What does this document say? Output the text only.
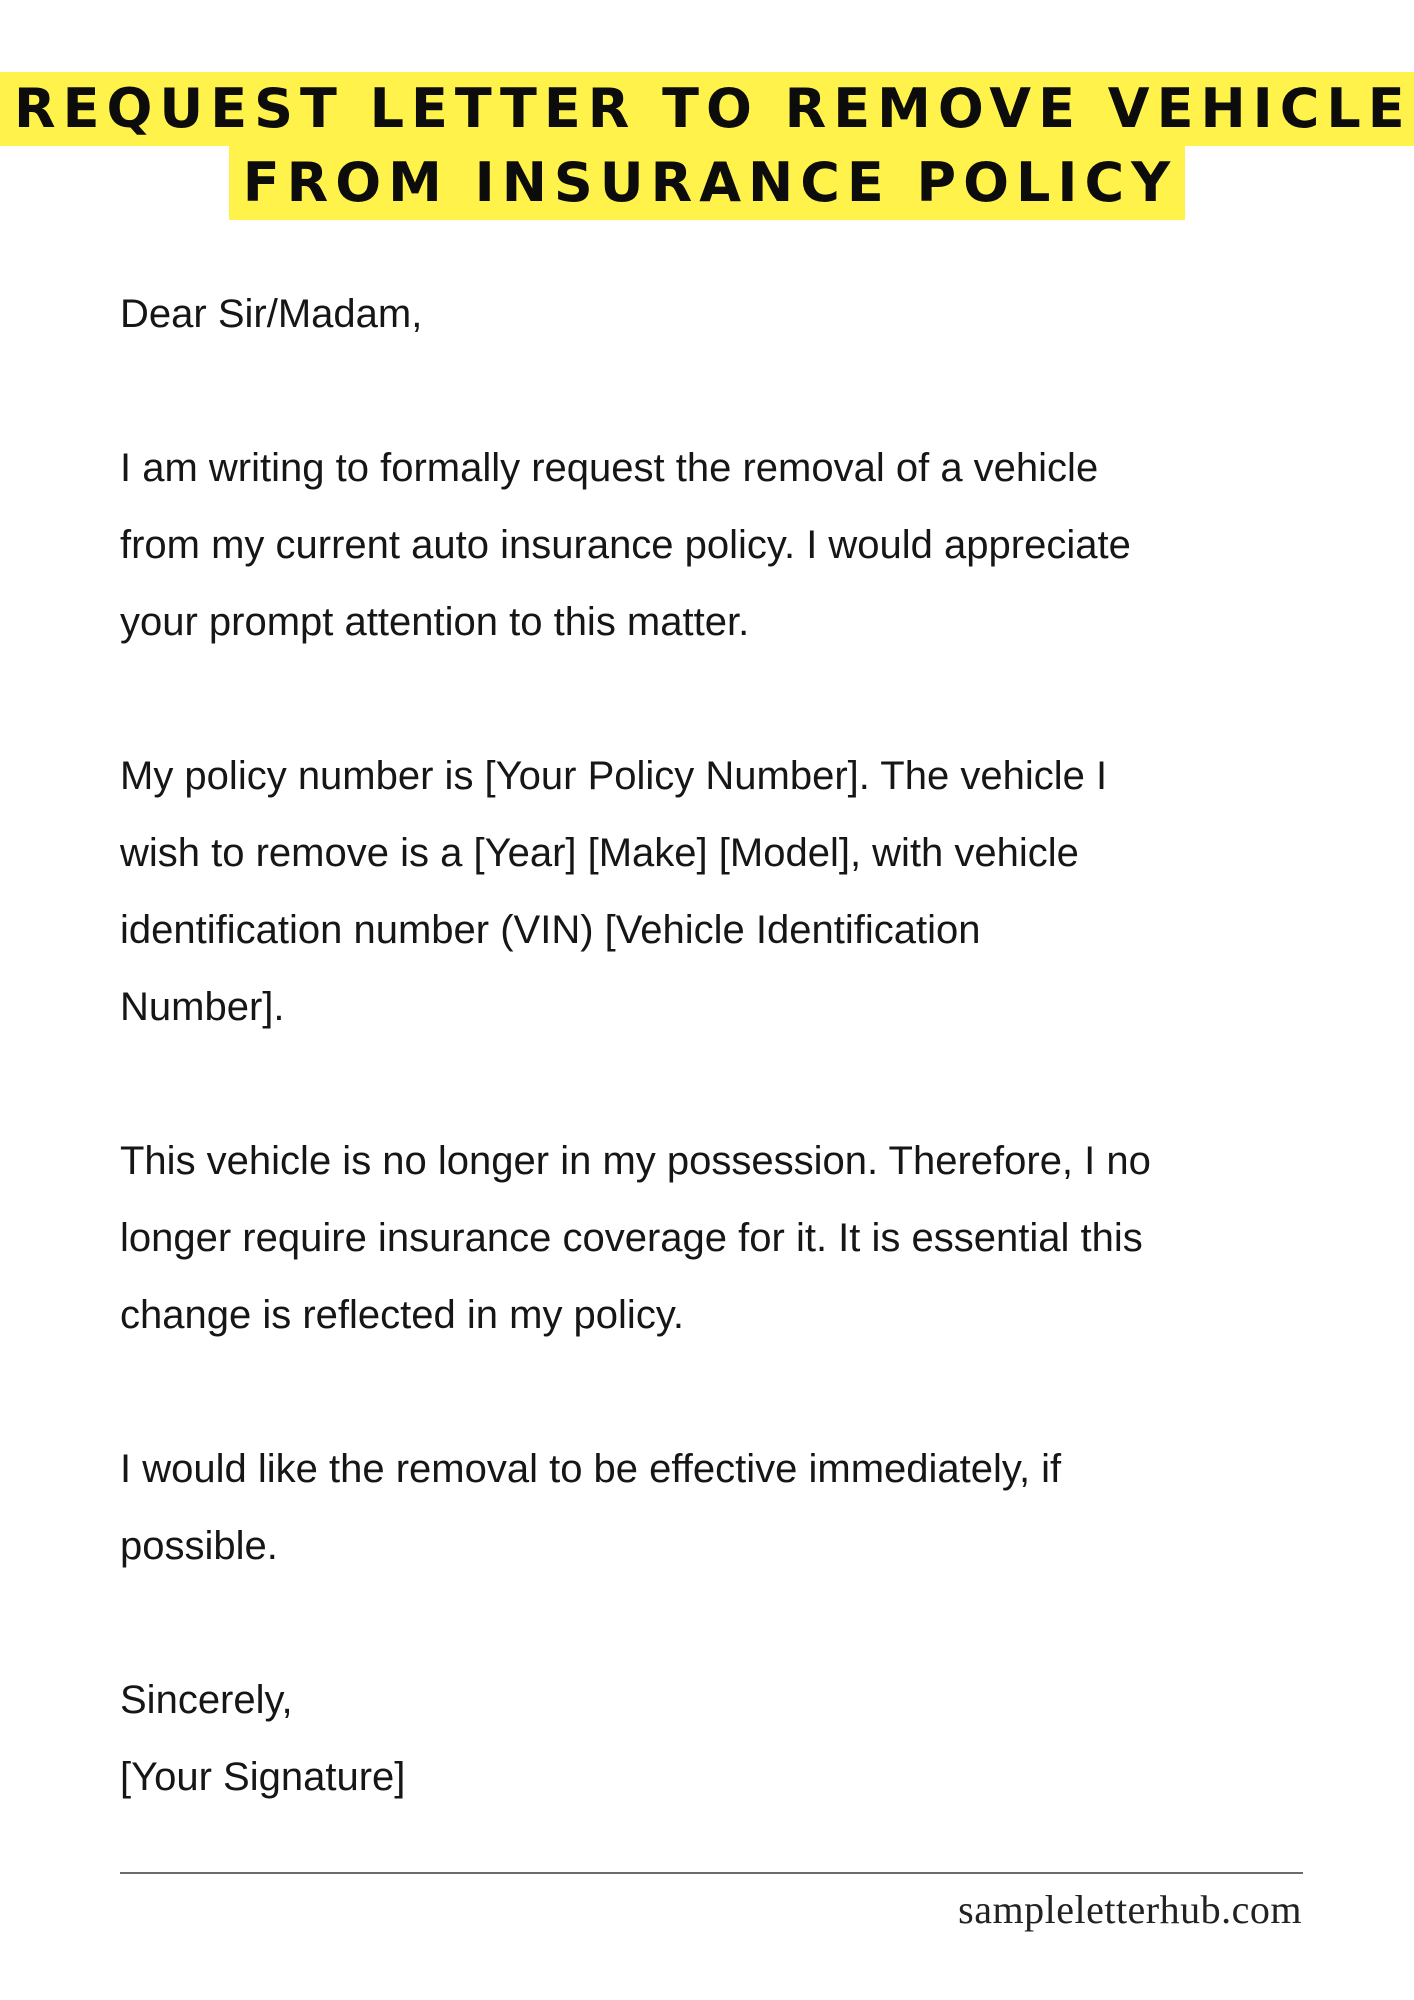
REQUEST LETTER TO REMOVE VEHICLE
FROM INSURANCE POLICY
Dear Sir/Madam,
I am writing to formally request the removal of a vehicle
from my current auto insurance policy. I would appreciate
your prompt attention to this matter.
My policy number is [Your Policy Number]. The vehicle I
wish to remove is a [Year] [Make] [Model], with vehicle
identification number (VIN) [Vehicle Identification
Number].
This vehicle is no longer in my possession. Therefore, I no
longer require insurance coverage for it. It is essential this
change is reflected in my policy.
I would like the removal to be effective immediately, if
possible.
Sincerely,
[Your Signature]
sampleletterhub.com
